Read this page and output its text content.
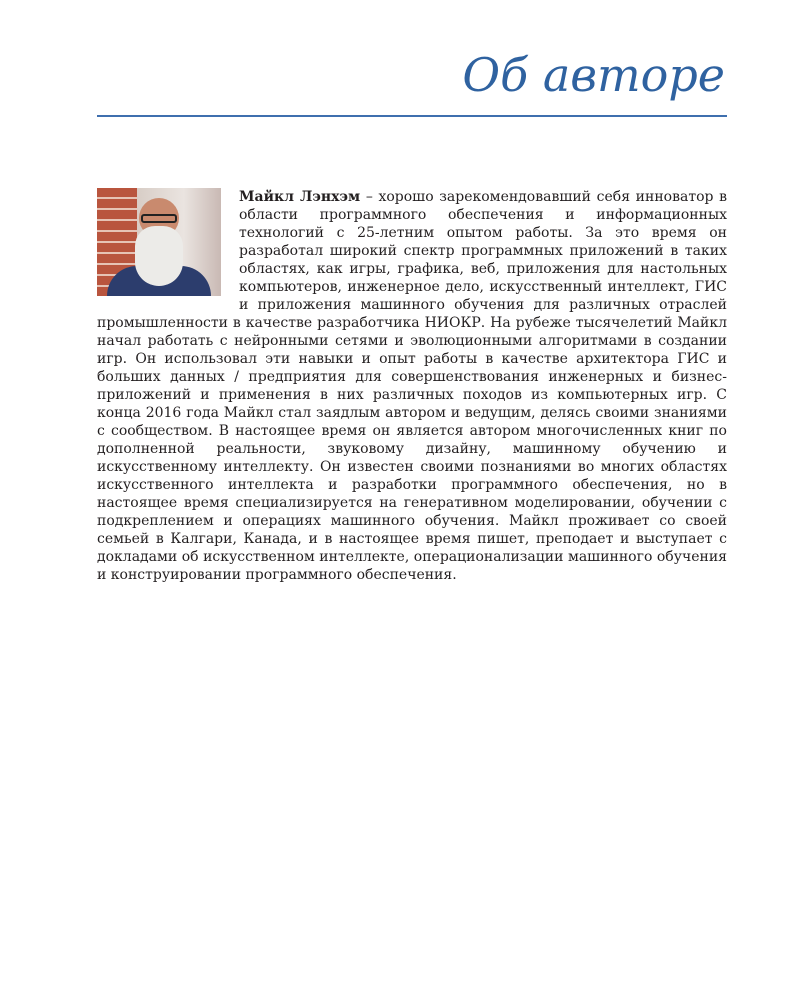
Об авторе

Майкл Лэнхэм – хорошо зарекомендовавший себя инноватор в области программного обеспечения и информационных технологий с 25-летним опытом работы. За это время он разработал широкий спектр программных приложений в таких областях, как игры, графика, веб, приложения для настольных компьютеров, инженерное дело, искусственный интеллект, ГИС и приложения машинного обучения для различных отраслей промышленности в качестве разработчика НИОКР. На рубеже тысячелетий Майкл начал работать с нейронными сетями и эволюционными алгоритмами в создании игр. Он использовал эти навыки и опыт работы в качестве архитектора ГИС и больших данных / предприятия для совершенствования инженерных и бизнес-приложений и применения в них различных походов из компьютерных игр. С конца 2016 года Майкл стал заядлым автором и ведущим, делясь своими знаниями с сообществом. В настоящее время он является автором многочисленных книг по дополненной реальности, звуковому дизайну, машинному обучению и искусственному интеллекту. Он известен своими познаниями во многих областях искусственного интеллекта и разработки программного обеспечения, но в настоящее время специализируется на генеративном моделировании, обучении с подкреплением и операциях машинного обучения. Майкл проживает со своей семьей в Калгари, Канада, и в настоящее время пишет, преподает и выступает с докладами об искусственном интеллекте, операционализации машинного обучения и конструировании программного обеспечения.
